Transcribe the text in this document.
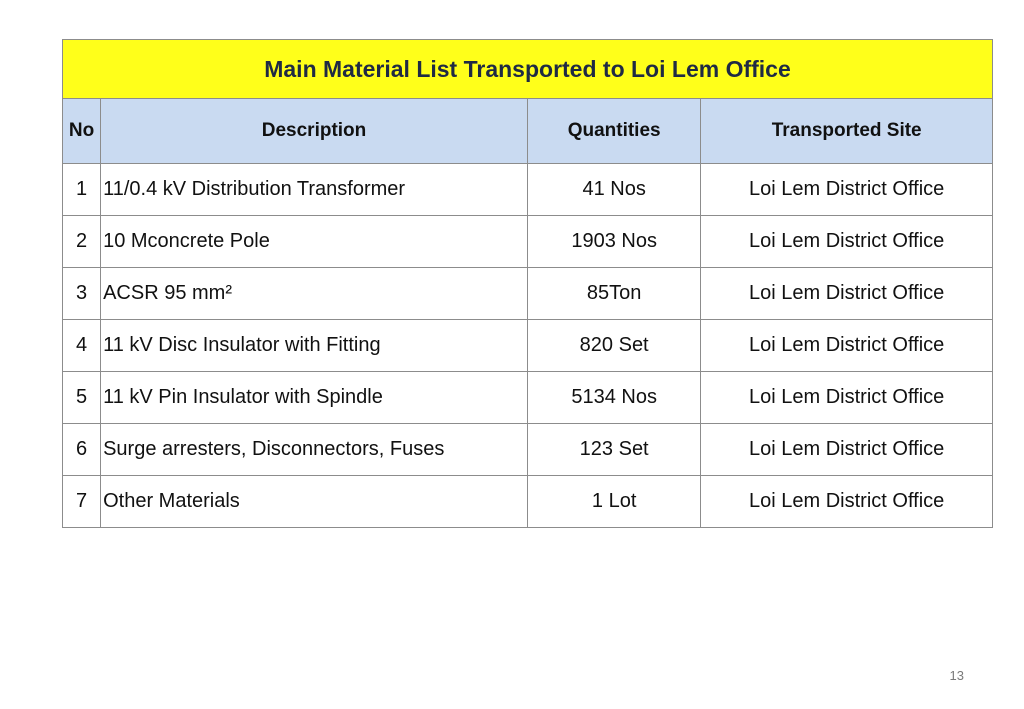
Main Material List Transported to Loi Lem Office			
No	Description	Quantities	Transported Site
1	11/0.4 kV Distribution Transformer	41 Nos	Loi Lem District Office
2	10 Mconcrete Pole	1903 Nos	Loi Lem District Office
3	ACSR 95 mm²	85Ton	Loi Lem District Office
4	11 kV Disc Insulator with Fitting	820 Set	Loi Lem District Office
5	11 kV Pin Insulator with Spindle	5134 Nos	Loi Lem District Office
6	Surge arresters, Disconnectors, Fuses	123 Set	Loi Lem District Office
7	Other Materials	1 Lot	Loi Lem District Office
13
